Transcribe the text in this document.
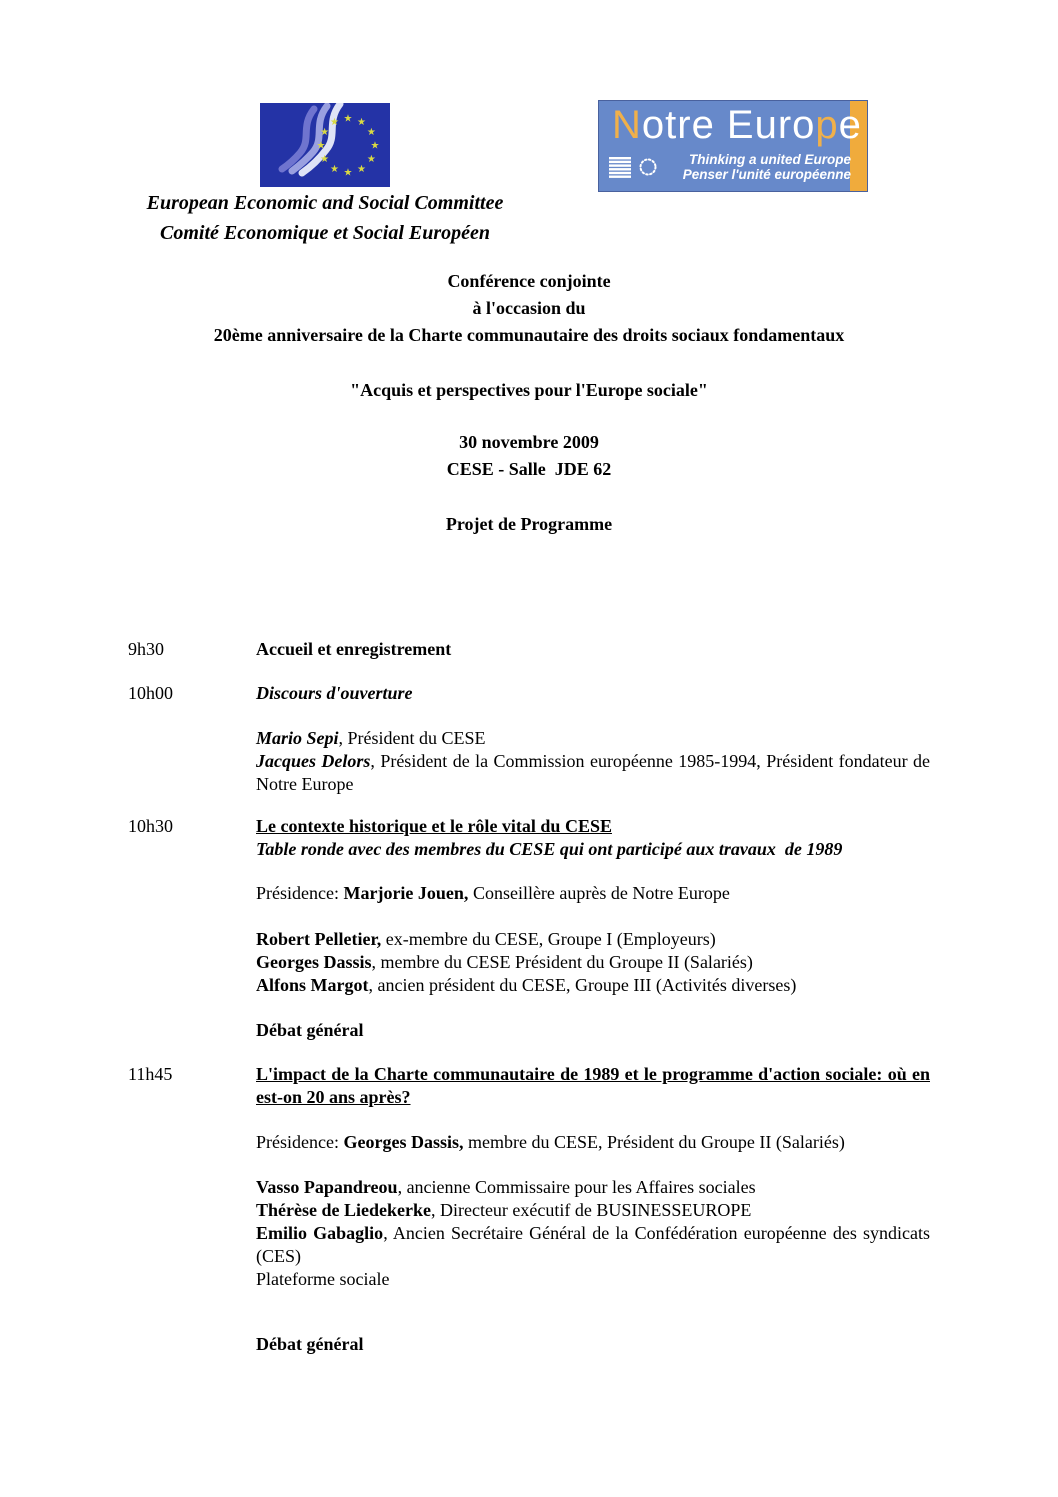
★ ★
★
★
★
★
★
★
★
★
★
★
European Economic and Social Committee
Comité Economique et Social Européen
Notre Europe
Thinking a united Europe
Penser l'unité européenne
Conférence conjointe
à l'occasion du
20ème anniversaire de la Charte communautaire des droits sociaux fondamentaux
"Acquis et perspectives pour l'Europe sociale"
30 novembre 2009
CESE - Salle  JDE 62
Projet de Programme
9h30	Accueil et enregistrement
10h00	Discours d'ouverture

Mario Sepi, Président du CESE

Jacques Delors, Président de la Commission européenne 1985-1994, Président fondateur de Notre Europe

10h30	Le contexte historique et le rôle vital du CESE

Table ronde avec des membres du CESE qui ont participé aux travaux  de 1989

Présidence: Marjorie Jouen, Conseillère auprès de Notre Europe

Robert Pelletier, ex-membre du CESE, Groupe I (Employeurs)

Georges Dassis, membre du CESE Président du Groupe II (Salariés)

Alfons Margot, ancien président du CESE, Groupe III (Activités diverses)

Débat général
11h45	L'impact de la Charte communautaire de 1989 et le programme d'action sociale: où en est-on 20 ans après?

Présidence: Georges Dassis, membre du CESE, Président du Groupe II (Salariés)

Vasso Papandreou, ancienne Commissaire pour les Affaires sociales

Thérèse de Liedekerke, Directeur exécutif de BUSINESSEUROPE

Emilio Gabaglio, Ancien Secrétaire Général de la Confédération européenne des syndicats (CES)

Plateforme sociale

Débat général
